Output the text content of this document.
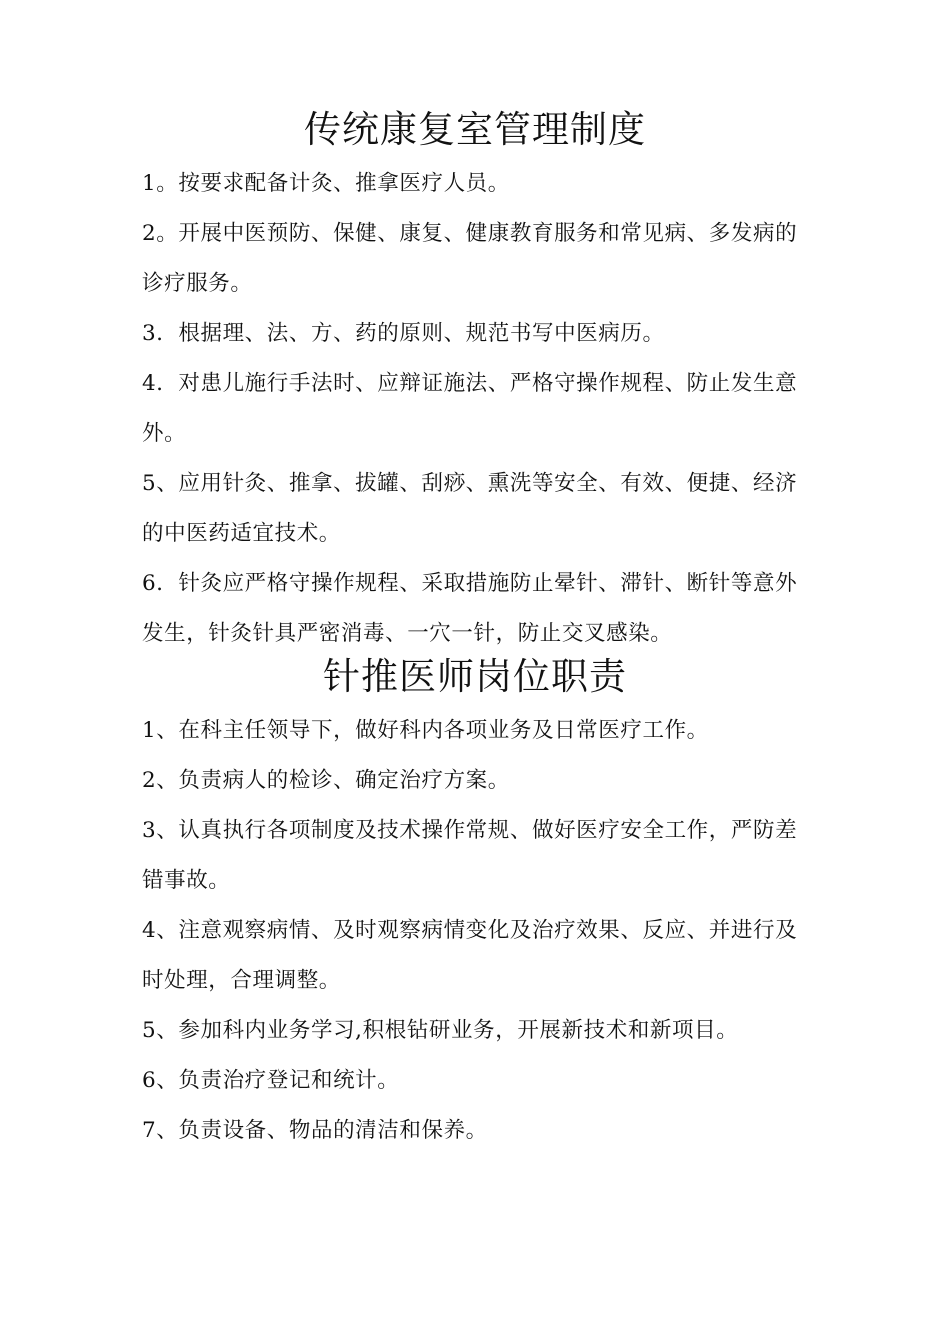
传统康复室管理制度

1。按要求配备计灸、推拿医疗人员。

2。开展中医预防、保健、康复、健康教育服务和常见病、多发病的诊疗服务。

3．根据理、法、方、药的原则、规范书写中医病历。

4．对患儿施行手法时、应辩证施法、严格守操作规程、防止发生意外。

5、应用针灸、推拿、拔罐、刮痧、熏洗等安全、有效、便捷、经济的中医药适宜技术。

6．针灸应严格守操作规程、采取措施防止晕针、滞针、断针等意外发生，针灸针具严密消毒、一穴一针，防止交叉感染。

针推医师岗位职责

1、在科主任领导下，做好科内各项业务及日常医疗工作。

2、负责病人的检诊、确定治疗方案。

3、认真执行各项制度及技术操作常规、做好医疗安全工作，严防差错事故。

4、注意观察病情、及时观察病情变化及治疗效果、反应、并进行及时处理，合理调整。

5、参加科内业务学习,积根钻研业务，开展新技术和新项目。

6、负责治疗登记和统计。

7、负责设备、物品的清洁和保养。
